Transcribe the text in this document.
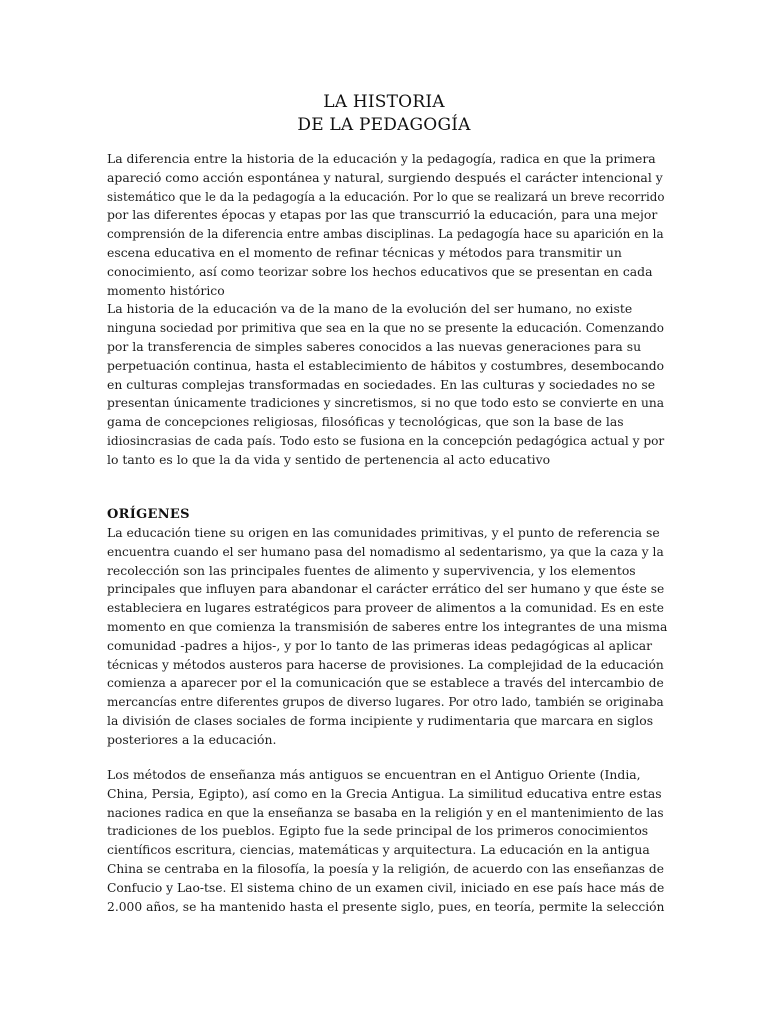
LA HISTORIA
DE LA PEDAGOGÍA
La diferencia entre la historia de la educación y la pedagogía, radica en que la primera
apareció como acción espontánea y natural, surgiendo después el carácter intencional y
sistemático que le da la pedagogía a la educación. Por lo que se realizará un breve recorrido
por las diferentes épocas y etapas por las que transcurrió la educación, para una mejor
comprensión de la diferencia entre ambas disciplinas. La pedagogía hace su aparición en la
escena educativa en el momento de refinar técnicas y métodos para transmitir un
conocimiento, así como teorizar sobre los hechos educativos que se presentan en cada
momento histórico
La historia de la educación va de la mano de la evolución del ser humano, no existe
ninguna sociedad por primitiva que sea en la que no se presente la educación. Comenzando
por la transferencia de simples saberes conocidos a las nuevas generaciones para su
perpetuación continua, hasta el establecimiento de hábitos y costumbres, desembocando
en culturas complejas transformadas en sociedades. En las culturas y sociedades no se
presentan únicamente tradiciones y sincretismos, si no que todo esto se convierte en una
gama de concepciones religiosas, filosóficas y tecnológicas, que son la base de las
idiosincrasias de cada país. Todo esto se fusiona en la concepción pedagógica actual y por
lo tanto es lo que la da vida y sentido de pertenencia al acto educativo
ORÍGENES
La educación tiene su origen en las comunidades primitivas, y el punto de referencia se
encuentra cuando el ser humano pasa del nomadismo al sedentarismo, ya que la caza y la
recolección son las principales fuentes de alimento y supervivencia, y los elementos
principales que influyen para abandonar el carácter errático del ser humano y que éste se
estableciera en lugares estratégicos para proveer de alimentos a la comunidad. Es en este
momento en que comienza la transmisión de saberes entre los integrantes de una misma
comunidad -padres a hijos-, y por lo tanto de las primeras ideas pedagógicas al aplicar
técnicas y métodos austeros para hacerse de provisiones. La complejidad de la educación
comienza a aparecer por el la comunicación que se establece a través del intercambio de
mercancías entre diferentes grupos de diverso lugares. Por otro lado, también se originaba
la división de clases sociales de forma incipiente y rudimentaria que marcara en siglos
posteriores a la educación.
Los métodos de enseñanza más antiguos se encuentran en el Antiguo Oriente (India,
China, Persia, Egipto), así como en la Grecia Antigua. La similitud educativa entre estas
naciones radica en que la enseñanza se basaba en la religión y en el mantenimiento de las
tradiciones de los pueblos. Egipto fue la sede principal de los primeros conocimientos
científicos escritura, ciencias, matemáticas y arquitectura. La educación en la antigua
China se centraba en la filosofía, la poesía y la religión, de acuerdo con las enseñanzas de
Confucio y Lao-tse. El sistema chino de un examen civil, iniciado en ese país hace más de
2.000 años, se ha mantenido hasta el presente siglo, pues, en teoría, permite la selección
